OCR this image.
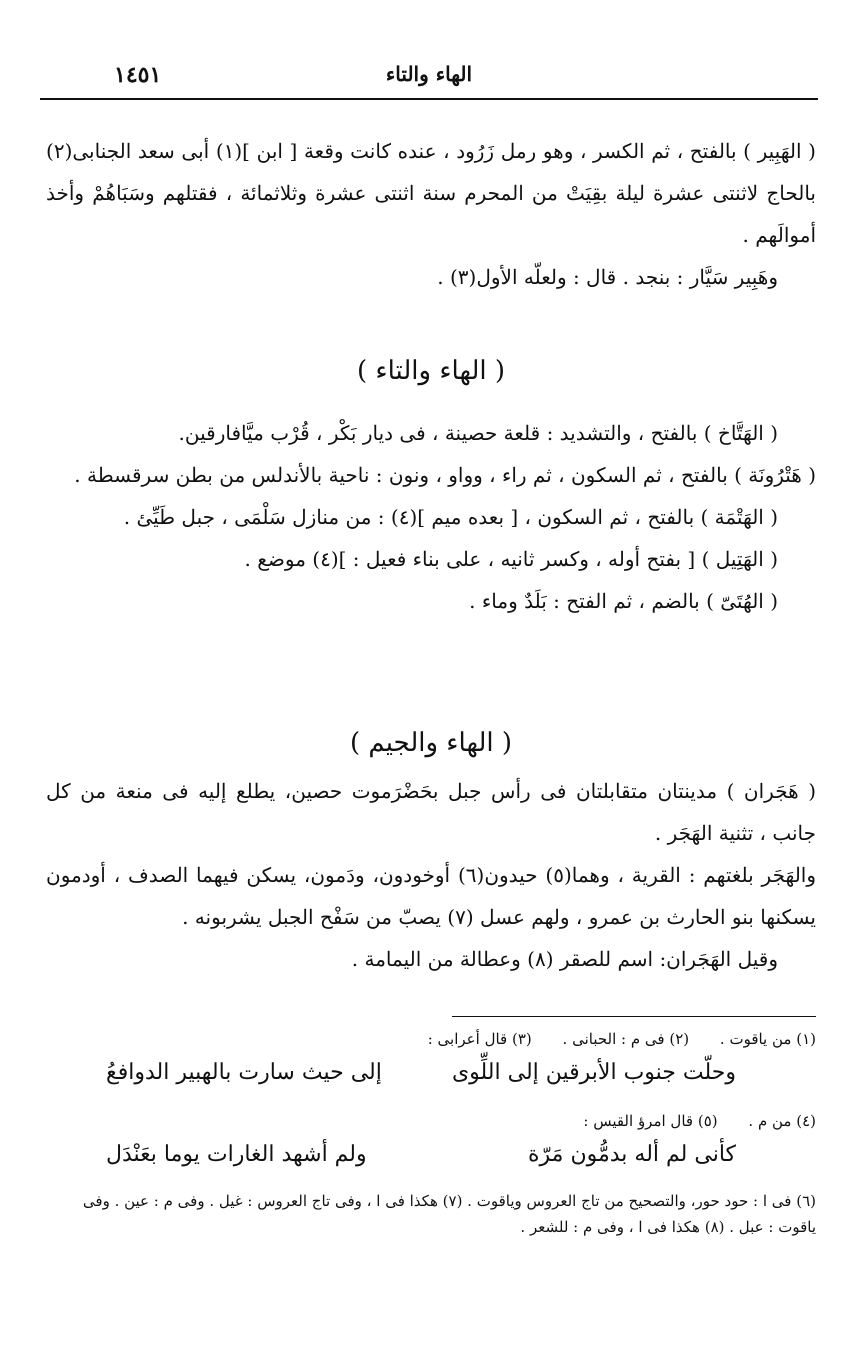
١٤٥١	الهاء والتاء

( الهَبِير ) بالفتح ، ثم الكسر ، وهو رمل زَرُود ، عنده كانت وقعة [ ابن ](١) أبى سعد الجنابى(٢) بالحاج لاثنتى عشرة ليلة بقِيَتْ من المحرم سنة اثنتى عشرة وثلاثمائة ، فقتلهم وسَبَاهُمْ وأخذ أموالَهم .

وهَبِير سَيَّار : بنجد . قال : ولعلّه الأول(٣) .

( الهاء والتاء )

( الهَتَّاخ ) بالفتح ، والتشديد : قلعة حصينة ، فى ديار بَكْر ، قُرْب ميَّافارقين.

( هَتْرُونَة ) بالفتح ، ثم السكون ، ثم راء ، وواو ، ونون : ناحية بالأندلس من بطن سرقسطة .

( الهَتْمَة ) بالفتح ، ثم السكون ، [ بعده ميم ](٤) : من منازل سَلْمَى ، جبل طَيِّئ .

( الهَتِيل ) [ بفتح أوله ، وكسر ثانيه ، على بناء فعيل : ](٤) موضع .

( الهُتَىّ ) بالضم ، ثم الفتح : بَلَدٌ وماء .

( الهاء والجيم )

( هَجَران ) مدينتان متقابلتان فى رأس جبل بحَضْرَموت حصين، يطلع إليه فى منعة من كل جانب ، تثنية الهَجَر .

والهَجَر بلغتهم : القرية ، وهما(٥) حيدون(٦) أوخودون، ودَمون، يسكن فيهما الصدف ، أودمون يسكنها بنو الحارث بن عمرو ، ولهم عسل (٧) يصبّ من سَفْح الجبل يشربونه .

وقيل الهَجَران: اسم للصقر (٨) وعطالة من اليمامة .

(١) من ياقوت . (٢) فى م : الحبانى . (٣) قال أعرابى :

وحلّت جنوب الأبرقين إلى اللِّوى
إلى حيث سارت بالهبير الدوافعُ

(٤) من م . (٥) قال امرؤ القيس :

كأنى لم أله بدمُّون مَرّة
ولم أشهد الغارات يوما بعَنْدَل

(٦) فى ا : حود حور، والتصحيح من تاج العروس وياقوت . (٧) هكذا فى ا ، وفى تاج العروس : غيل . وفى م : عين . وفى ياقوت : عبل . (٨) هكذا فى ا ، وفى م : للشعر .
